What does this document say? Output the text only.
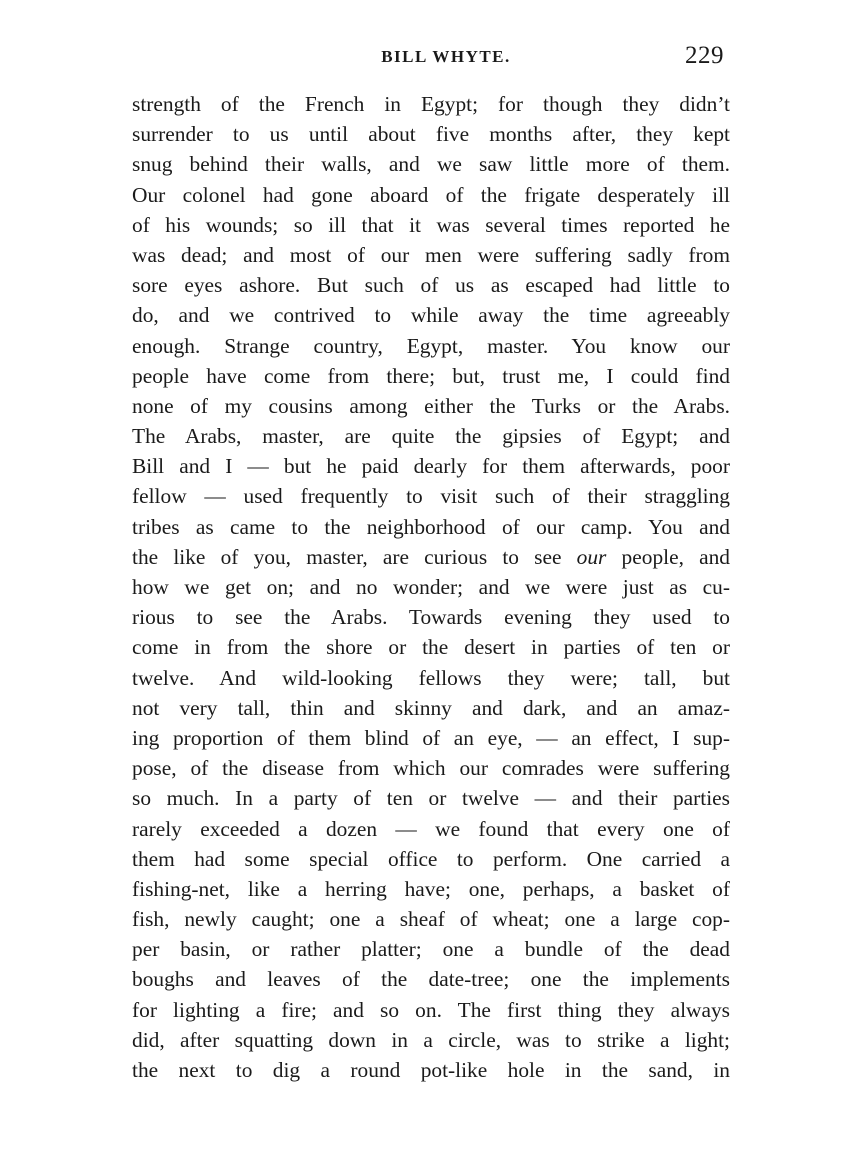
BILL WHYTE.	229
strength of the French in Egypt; for though they didn’t
surrender to us until about five months after, they kept
snug behind their walls, and we saw little more of them.
Our colonel had gone aboard of the frigate desperately ill
of his wounds; so ill that it was several times reported he
was dead; and most of our men were suffering sadly from
sore eyes ashore. But such of us as escaped had little to
do, and we contrived to while away the time agreeably
enough. Strange country, Egypt, master. You know our
people have come from there; but, trust me, I could find
none of my cousins among either the Turks or the Arabs.
The Arabs, master, are quite the gipsies of Egypt; and
Bill and I — but he paid dearly for them afterwards, poor
fellow — used frequently to visit such of their straggling
tribes as came to the neighborhood of our camp. You and
the like of you, master, are curious to see our people, and
how we get on; and no wonder; and we were just as cu-
rious to see the Arabs. Towards evening they used to
come in from the shore or the desert in parties of ten or
twelve. And wild-looking fellows they were; tall, but
not very tall, thin and skinny and dark, and an amaz-
ing proportion of them blind of an eye, — an effect, I sup-
pose, of the disease from which our comrades were suffering
so much. In a party of ten or twelve — and their parties
rarely exceeded a dozen — we found that every one of
them had some special office to perform. One carried a
fishing-net, like a herring have; one, perhaps, a basket of
fish, newly caught; one a sheaf of wheat; one a large cop-
per basin, or rather platter; one a bundle of the dead
boughs and leaves of the date-tree; one the implements
for lighting a fire; and so on. The first thing they always
did, after squatting down in a circle, was to strike a light;
the next to dig a round pot-like hole in the sand, in
